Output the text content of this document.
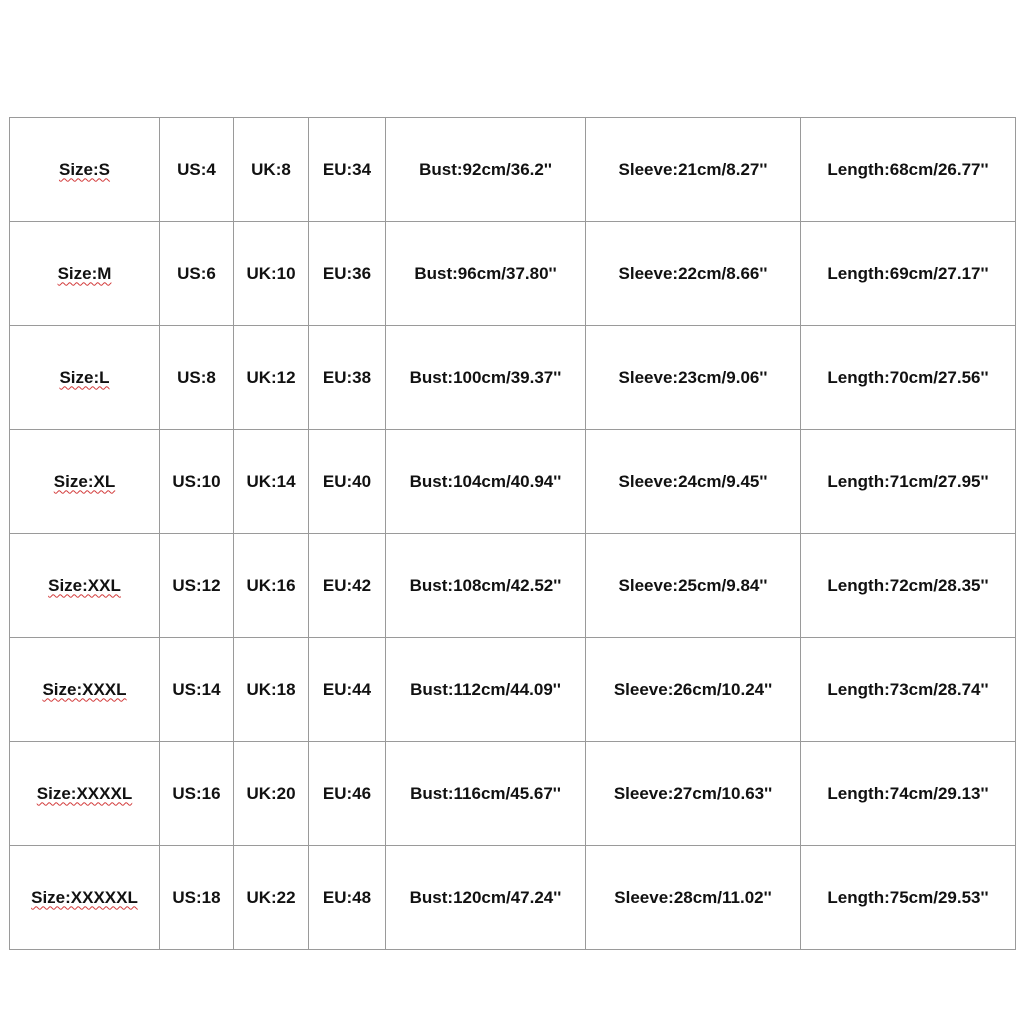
Size:S	US:4	UK:8	EU:34	Bust:92cm/36.2''	Sleeve:21cm/8.27''	Length:68cm/26.77''
Size:M	US:6	UK:10	EU:36	Bust:96cm/37.80''	Sleeve:22cm/8.66''	Length:69cm/27.17''
Size:L	US:8	UK:12	EU:38	Bust:100cm/39.37''	Sleeve:23cm/9.06''	Length:70cm/27.56''
Size:XL	US:10	UK:14	EU:40	Bust:104cm/40.94''	Sleeve:24cm/9.45''	Length:71cm/27.95''
Size:XXL	US:12	UK:16	EU:42	Bust:108cm/42.52''	Sleeve:25cm/9.84''	Length:72cm/28.35''
Size:XXXL	US:14	UK:18	EU:44	Bust:112cm/44.09''	Sleeve:26cm/10.24''	Length:73cm/28.74''
Size:XXXXL	US:16	UK:20	EU:46	Bust:116cm/45.67''	Sleeve:27cm/10.63''	Length:74cm/29.13''
Size:XXXXXL	US:18	UK:22	EU:48	Bust:120cm/47.24''	Sleeve:28cm/11.02''	Length:75cm/29.53''
